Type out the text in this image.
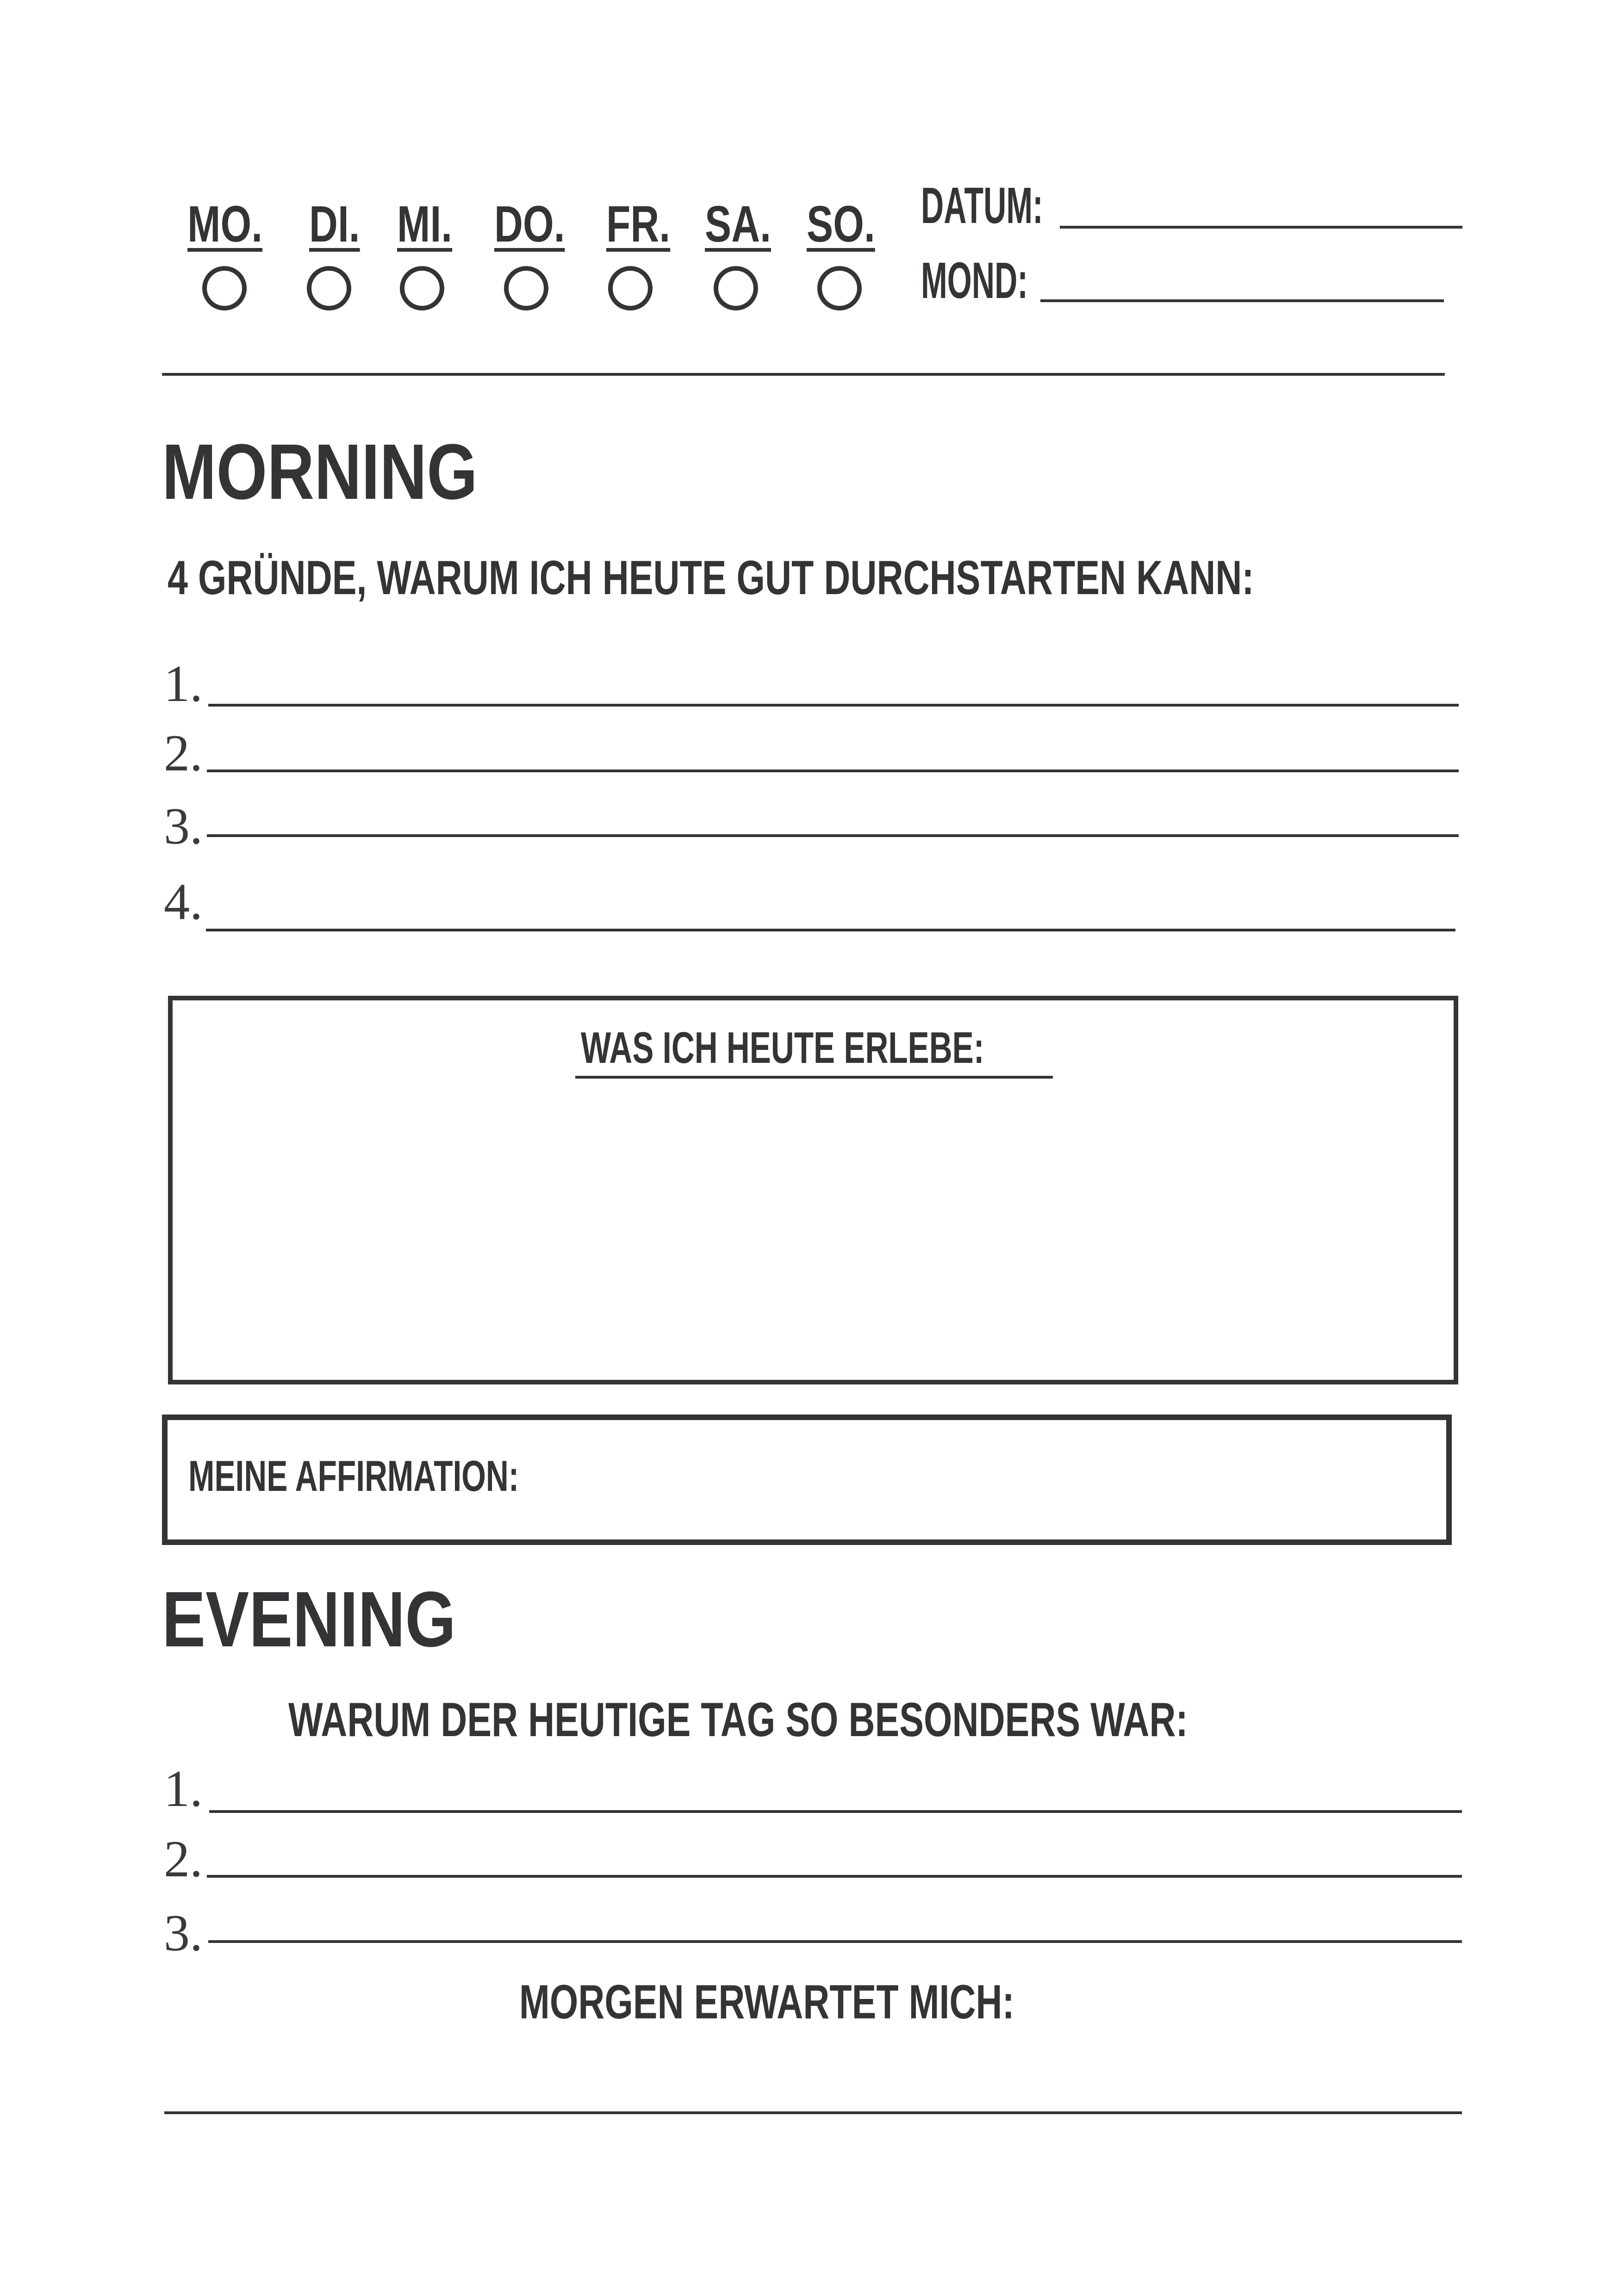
MO. DI. MI. DO. FR. SA. SO. DATUM:
MOND:
MORNING
4 GRÜNDE, WARUM ICH HEUTE GUT DURCHSTARTEN KANN:
1.
2.
3.
4.
WAS ICH HEUTE ERLEBE:
MEINE AFFIRMATION:
EVENING
WARUM DER HEUTIGE TAG SO BESONDERS WAR:
1.
2.
3.
MORGEN ERWARTET MICH:
